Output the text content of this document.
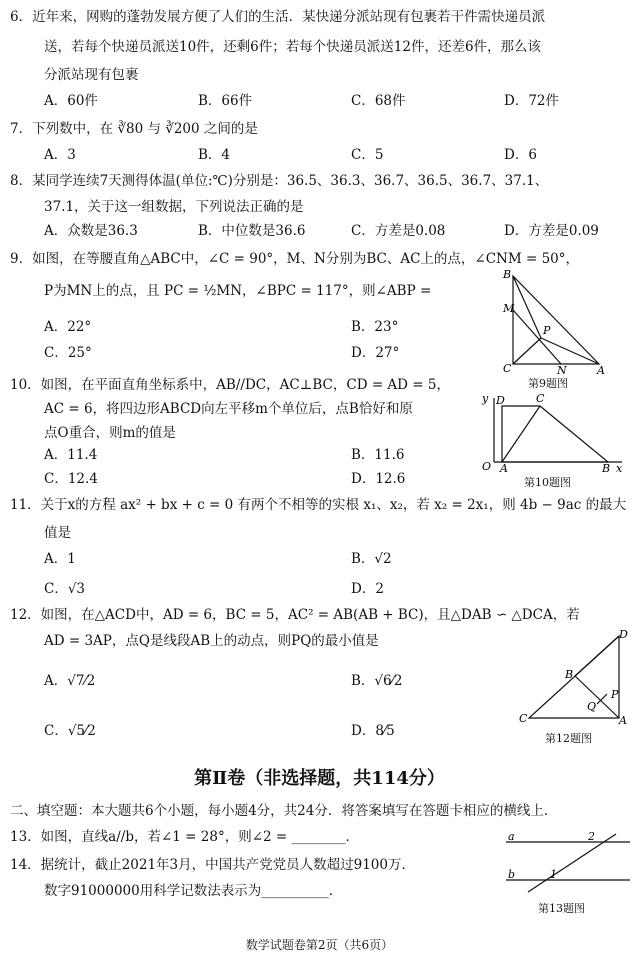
6．近年来，网购的蓬勃发展方便了人们的生活．某快递分派站现有包裹若干件需快递员派
送，若每个快递员派送10件，还剩6件；若每个快递员派送12件，还差6件，那么该
分派站现有包裹
A．60件	B．66件	C．68件	D．72件
7．下列数中，在 ∛80 与 ∛200 之间的是
A．3	B．4	C．5	D．6
8．某同学连续7天测得体温(单位:℃)分别是：36.5、36.3、36.7、36.5、36.7、37.1、
37.1，关于这一组数据，下列说法正确的是
A．众数是36.3	B．中位数是36.6	C．方差是0.08	D．方差是0.09
9．如图，在等腰直角△ABC中，∠C = 90°，M、N分别为BC、AC上的点，∠CNM = 50°，
P为MN上的点，且 PC = ½MN，∠BPC = 117°，则∠ABP =
A．22°	B．23°
C．25°	D．27°
B
M
P
C	N	A
第9题图
10．如图，在平面直角坐标系中，AB//DC，AC⊥BC，CD = AD = 5，
AC = 6，将四边形ABCD向左平移m个单位后，点B恰好和原
点O重合，则m的值是
A．11.4	B．11.6
C．12.4	D．12.6
y D	C
O A	B x
第10题图
11．关于x的方程 ax² + bx + c = 0 有两个不相等的实根 x₁、x₂，若 x₂ = 2x₁，则 4b − 9ac 的最大
值是
A．1	B．√2
C．√3	D．2
12．如图，在△ACD中，AD = 6，BC = 5，AC² = AB(AB + BC)，且△DAB ∽ △DCA，若
AD = 3AP，点Q是线段AB上的动点，则PQ的最小值是
A．√7⁄2	B．√6⁄2
C．√5⁄2	D．8⁄5
D
B
P
Q
C	A
第12题图
第Ⅱ卷（非选择题，共114分）
二、填空题：本大题共6个小题，每小题4分，共24分．将答案填写在答题卡相应的横线上．
13．如图，直线a//b，若∠1 = 28°，则∠2 = ________．	a	2
b	1
第13题图
14．据统计，截止2021年3月，中国共产党党员人数超过9100万．
数字91000000用科学记数法表示为__________．
数学试题卷第2页（共6页）
